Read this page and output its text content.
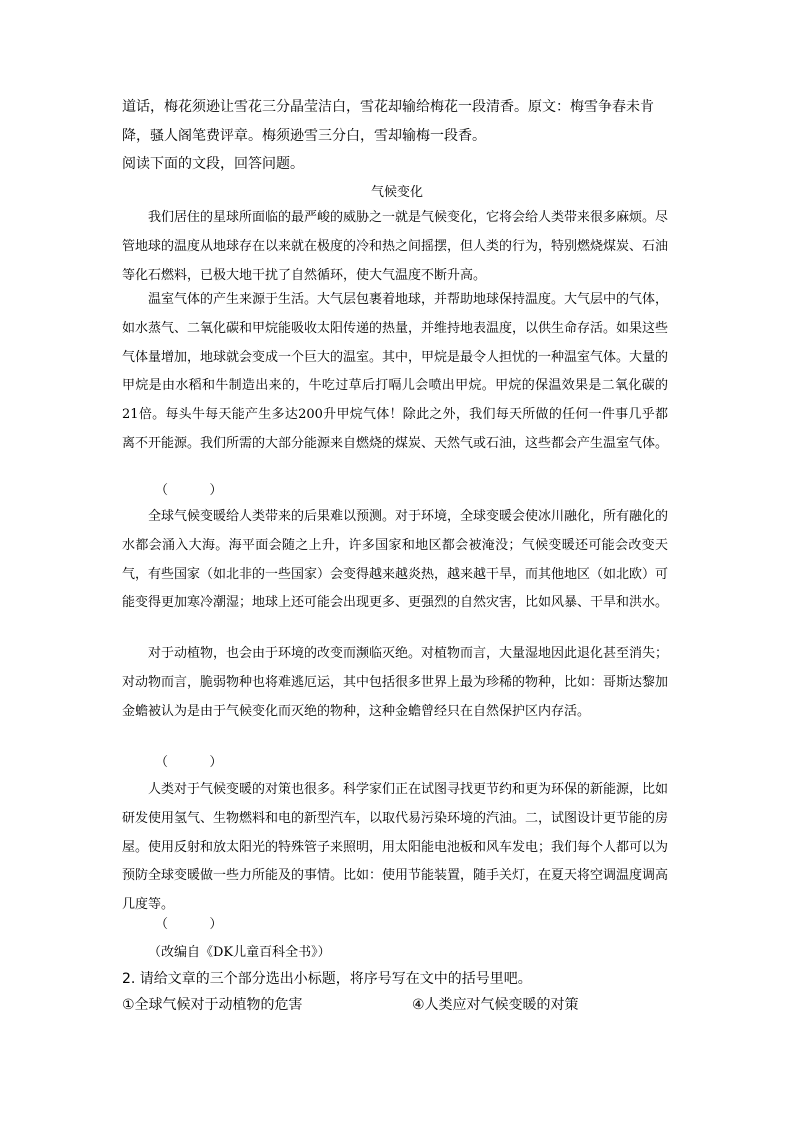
道话，梅花须逊让雪花三分晶莹洁白，雪花却输给梅花一段清香。原文：梅雪争春未肯
降，骚人阁笔费评章。梅须逊雪三分白，雪却输梅一段香。
阅读下面的文段，回答问题。
气候变化
我们居住的星球所面临的最严峻的威胁之一就是气候变化，它将会给人类带来很多麻烦。尽管地球的温度从地球存在以来就在极度的冷和热之间摇摆，但人类的行为，特别燃烧煤炭、石油等化石燃料，已极大地干扰了自然循环，使大气温度不断升高。
温室气体的产生来源于生活。大气层包裹着地球，并帮助地球保持温度。大气层中的气体，如水蒸气、二氧化碳和甲烷能吸收太阳传递的热量，并维持地表温度，以供生命存活。如果这些气体量增加，地球就会变成一个巨大的温室。其中，甲烷是最令人担忧的一种温室气体。大量的甲烷是由水稻和牛制造出来的，牛吃过草后打嗝儿会喷出甲烷。甲烷的保温效果是二氧化碳的21倍。每头牛每天能产生多达200升甲烷气体！除此之外，我们每天所做的任何一件事几乎都离不开能源。我们所需的大部分能源来自燃烧的煤炭、天然气或石油，这些都会产生温室气体。
（          ）
全球气候变暖给人类带来的后果难以预测。对于环境，全球变暖会使冰川融化，所有融化的水都会涌入大海。海平面会随之上升，许多国家和地区都会被淹没；气候变暖还可能会改变天气，有些国家（如北非的一些国家）会变得越来越炎热，越来越干旱，而其他地区（如北欧）可能变得更加寒冷潮湿；地球上还可能会出现更多、更强烈的自然灾害，比如风暴、干旱和洪水。
对于动植物，也会由于环境的改变而濒临灭绝。对植物而言，大量湿地因此退化甚至消失；对动物而言，脆弱物种也将难逃厄运，其中包括很多世界上最为珍稀的物种，比如：哥斯达黎加金蟾被认为是由于气候变化而灭绝的物种，这种金蟾曾经只在自然保护区内存活。
（          ）
人类对于气候变暖的对策也很多。科学家们正在试图寻找更节约和更为环保的新能源，比如研发使用氢气、生物燃料和电的新型汽车，以取代易污染环境的汽油。二，试图设计更节能的房屋。使用反射和放太阳光的特殊管子来照明，用太阳能电池板和风车发电；我们每个人都可以为预防全球变暖做一些力所能及的事情。比如：使用节能装置，随手关灯，在夏天将空调温度调高几度等。
（          ）
（改编自《DK儿童百科全书》）
2. 请给文章的三个部分选出小标题，将序号写在文中的括号里吧。
①全球气候对于动植物的危害	④人类应对气候变暖的对策
